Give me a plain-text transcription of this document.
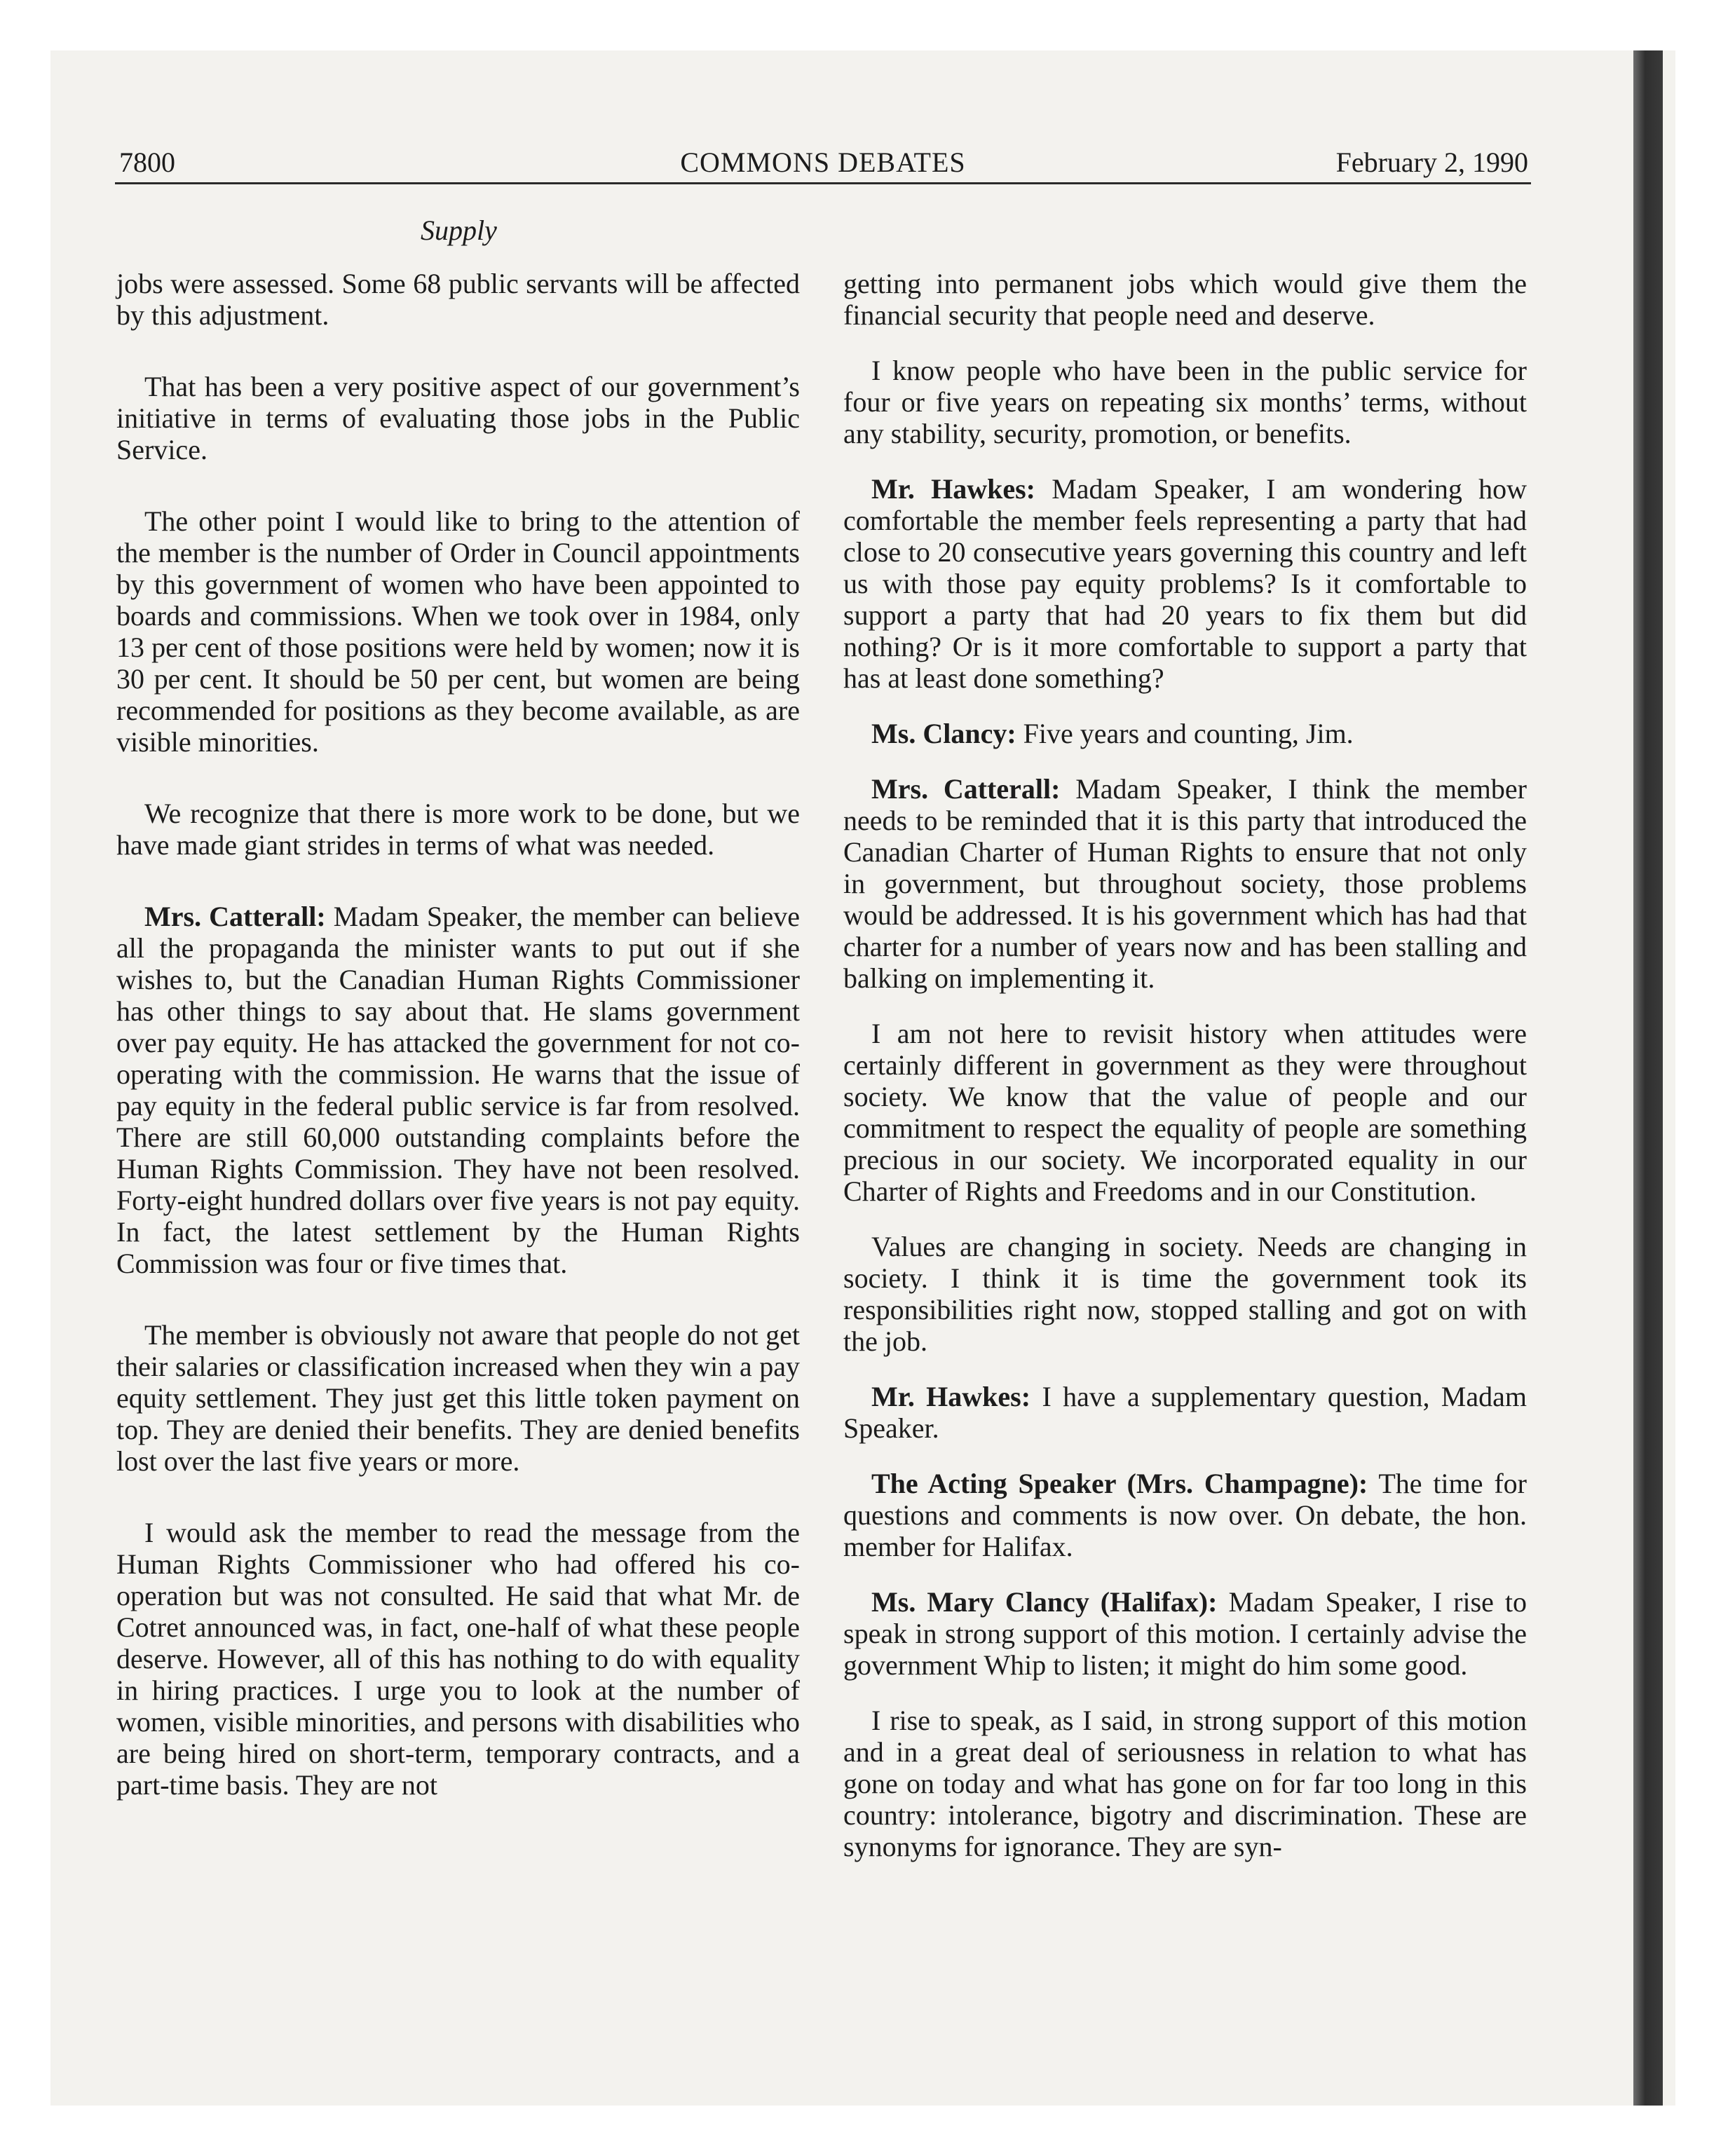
7800	COMMONS DEBATES	February 2, 1990
Supply

jobs were assessed. Some 68 public servants will be affected by this adjustment.

That has been a very positive aspect of our government’s initiative in terms of evaluating those jobs in the Public Service.

The other point I would like to bring to the attention of the member is the number of Order in Council appointments by this government of women who have been appointed to boards and commissions. When we took over in 1984, only 13 per cent of those positions were held by women; now it is 30 per cent. It should be 50 per cent, but women are being recommended for positions as they become available, as are visible minorities.

We recognize that there is more work to be done, but we have made giant strides in terms of what was needed.

Mrs. Catterall: Madam Speaker, the member can believe all the propaganda the minister wants to put out if she wishes to, but the Canadian Human Rights Commissioner has other things to say about that. He slams government over pay equity. He has attacked the government for not co-operating with the commission. He warns that the issue of pay equity in the federal public service is far from resolved. There are still 60,000 outstanding complaints before the Human Rights Commission. They have not been resolved. Forty-eight hundred dollars over five years is not pay equity. In fact, the latest settlement by the Human Rights Commission was four or five times that.

The member is obviously not aware that people do not get their salaries or classification increased when they win a pay equity settlement. They just get this little token payment on top. They are denied their benefits. They are denied benefits lost over the last five years or more.

I would ask the member to read the message from the Human Rights Commissioner who had offered his co-operation but was not consulted. He said that what Mr. de Cotret announced was, in fact, one-half of what these people deserve. However, all of this has nothing to do with equality in hiring practices. I urge you to look at the number of women, visible minorities, and persons with disabilities who are being hired on short-term, temporary contracts, and a part-time basis. They are not

getting into permanent jobs which would give them the financial security that people need and deserve.

I know people who have been in the public service for four or five years on repeating six months’ terms, without any stability, security, promotion, or benefits.

Mr. Hawkes: Madam Speaker, I am wondering how comfortable the member feels representing a party that had close to 20 consecutive years governing this country and left us with those pay equity problems? Is it comfortable to support a party that had 20 years to fix them but did nothing? Or is it more comfortable to support a party that has at least done something?

Ms. Clancy: Five years and counting, Jim.

Mrs. Catterall: Madam Speaker, I think the member needs to be reminded that it is this party that introduced the Canadian Charter of Human Rights to ensure that not only in government, but throughout society, those problems would be addressed. It is his government which has had that charter for a number of years now and has been stalling and balking on implementing it.

I am not here to revisit history when attitudes were certainly different in government as they were throughout society. We know that the value of people and our commitment to respect the equality of people are something precious in our society. We incorporated equality in our Charter of Rights and Freedoms and in our Constitution.

Values are changing in society. Needs are changing in society. I think it is time the government took its responsibilities right now, stopped stalling and got on with the job.

Mr. Hawkes: I have a supplementary question, Madam Speaker.

The Acting Speaker (Mrs. Champagne): The time for questions and comments is now over. On debate, the hon. member for Halifax.

Ms. Mary Clancy (Halifax): Madam Speaker, I rise to speak in strong support of this motion. I certainly advise the government Whip to listen; it might do him some good.

I rise to speak, as I said, in strong support of this motion and in a great deal of seriousness in relation to what has gone on today and what has gone on for far too long in this country: intolerance, bigotry and discrimination. These are synonyms for ignorance. They are syn-
